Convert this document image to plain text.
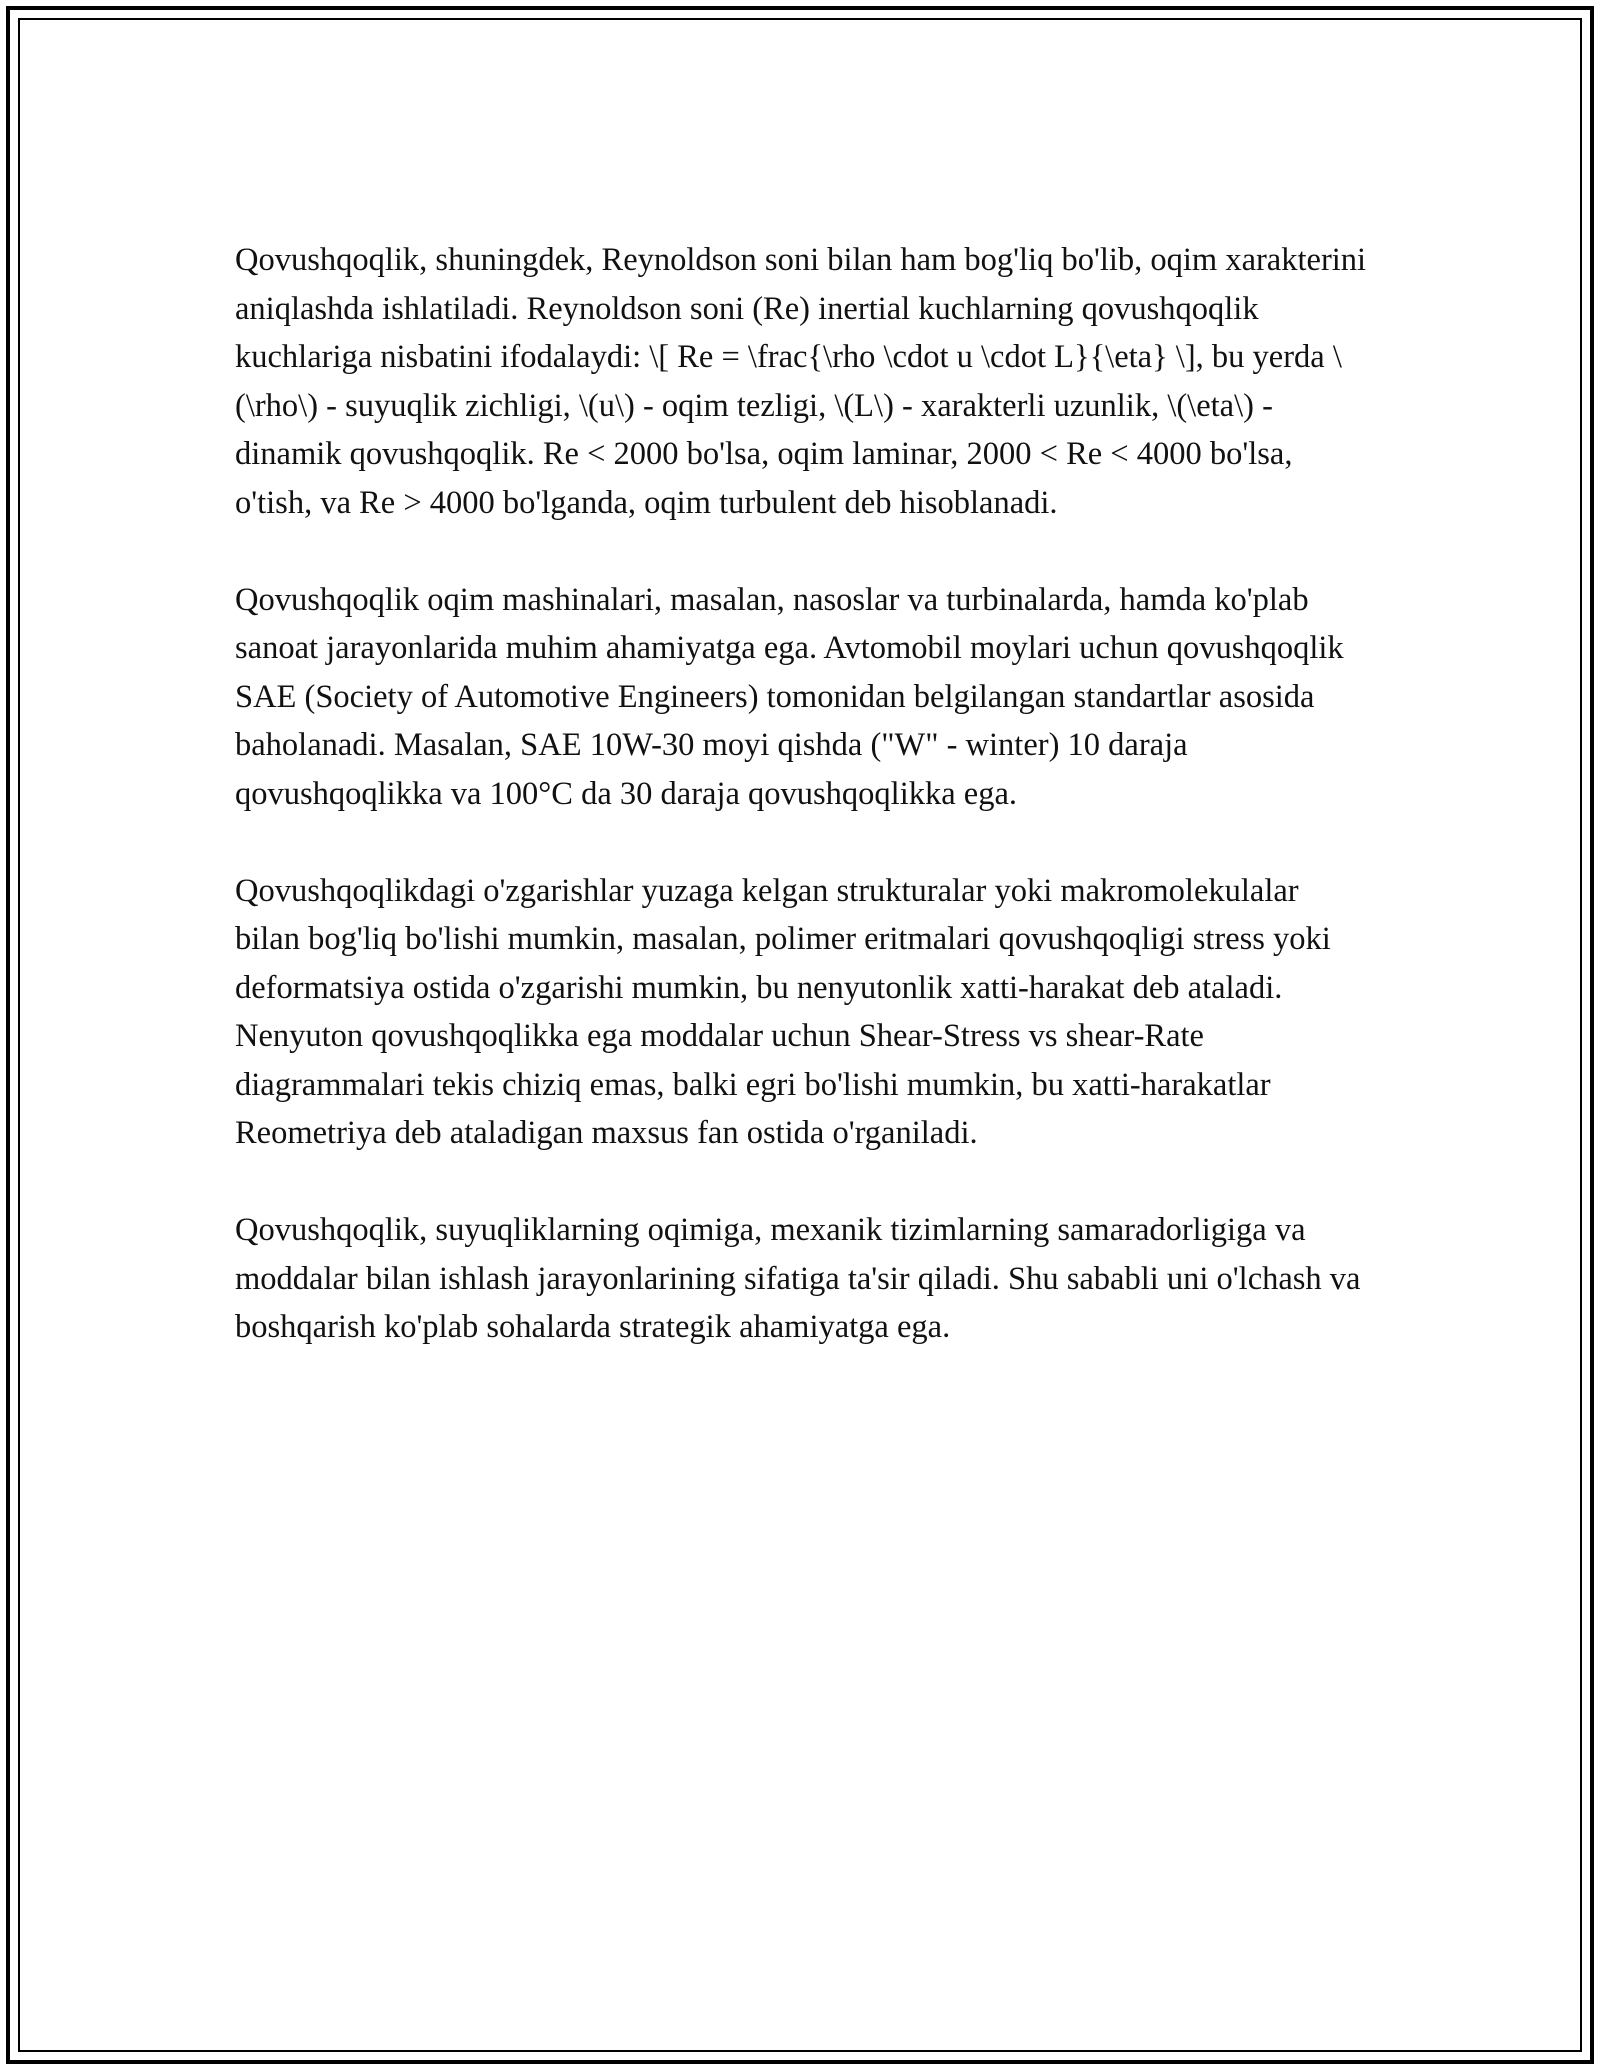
Qovushqoqlik, shuningdek, Reynoldson soni bilan ham bog'liq bo'lib, oqim xarakterini aniqlashda ishlatiladi. Reynoldson soni (Re) inertial kuchlarning qovushqoqlik kuchlariga nisbatini ifodalaydi: \[ Re = \frac{\rho \cdot u \cdot L}{\eta} \], bu yerda \(\rho\) - suyuqlik zichligi, \(u\) - oqim tezligi, \(L\) - xarakterli uzunlik, \(\eta\) - dinamik qovushqoqlik. Re < 2000 bo'lsa, oqim laminar, 2000 < Re < 4000 bo'lsa, o'tish, va Re > 4000 bo'lganda, oqim turbulent deb hisoblanadi.

Qovushqoqlik oqim mashinalari, masalan, nasoslar va turbinalarda, hamda ko'plab sanoat jarayonlarida muhim ahamiyatga ega. Avtomobil moylari uchun qovushqoqlik SAE (Society of Automotive Engineers) tomonidan belgilangan standartlar asosida baholanadi. Masalan, SAE 10W-30 moyi qishda ("W" - winter) 10 daraja qovushqoqlikka va 100°C da 30 daraja qovushqoqlikka ega.

Qovushqoqlikdagi o'zgarishlar yuzaga kelgan strukturalar yoki makromolekulalar bilan bog'liq bo'lishi mumkin, masalan, polimer eritmalari qovushqoqligi stress yoki deformatsiya ostida o'zgarishi mumkin, bu nenyutonlik xatti-harakat deb ataladi. Nenyuton qovushqoqlikka ega moddalar uchun Shear-Stress vs shear-Rate diagrammalari tekis chiziq emas, balki egri bo'lishi mumkin, bu xatti-harakatlar Reometriya deb ataladigan maxsus fan ostida o'rganiladi.

Qovushqoqlik, suyuqliklarning oqimiga, mexanik tizimlarning samaradorligiga va moddalar bilan ishlash jarayonlarining sifatiga ta'sir qiladi. Shu sababli uni o'lchash va boshqarish ko'plab sohalarda strategik ahamiyatga ega.
